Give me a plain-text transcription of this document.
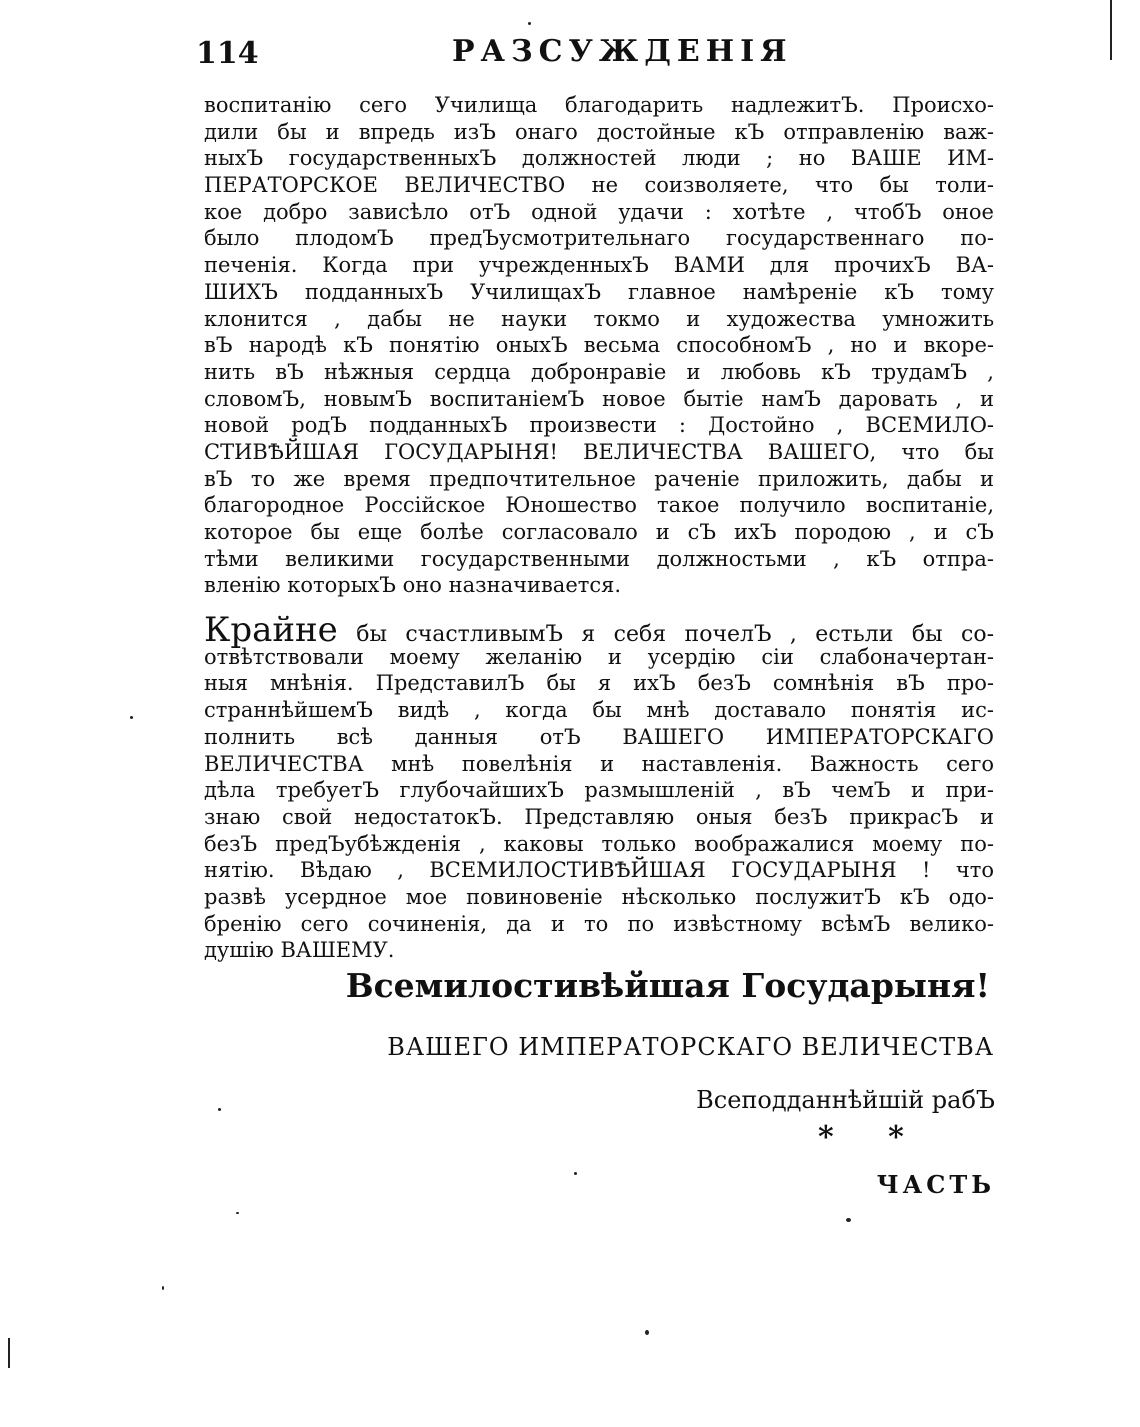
114	РАЗСУЖДЕНIЯ
воспитанiю сего Училища благодарить надлежитЪ. Происхо-
дили бы и впредь изЪ онаго достойные кЪ отправленiю важ-
ныхЪ государственныхЪ должностей люди ; но ВАШЕ ИМ-
ПЕРАТОРСКОЕ ВЕЛИЧЕСТВО не соизволяете, что бы толи-
кое добро зависѣло отЪ одной удачи : хотѣте , чтобЪ оное
было плодомЪ предЪусмотрительнаго государственнаго по-
печенiя. Когда при учрежденныхЪ ВАМИ для прочихЪ ВА-
ШИХЪ подданныхЪ УчилищахЪ главное намѣренiе кЪ тому
клонится , дабы не науки токмо и художества умножить
вЪ народѣ кЪ понятiю оныхЪ весьма способномЪ , но и вкоре-
нить вЪ нѣжныя сердца добронравiе и любовь кЪ трудамЪ ,
словомЪ, новымЪ воспитанiемЪ новое бытiе намЪ даровать , и
новой родЪ подданныхЪ произвести : Достойно , ВСЕМИЛО-
СТИВѢЙШАЯ ГОСУДАРЫНЯ! ВЕЛИЧЕСТВА ВАШЕГО, что бы
вЪ то же время предпочтительное раченiе приложить, дабы и
благородное Россiйское Юношество такое получило воспитанiе,
которое бы еще болѣе согласовало и сЪ ихЪ породою , и сЪ
тѣми великими государственными должностьми , кЪ отпра-
вленiю которыхЪ оно назначивается.
Крайне бы счастливымЪ я себя почелЪ , естьли бы со-
отвѣтствовали моему желанiю и усердiю сiи слабоначертан-
ныя мнѣнiя. ПредставилЪ бы я ихЪ безЪ сомнѣнiя вЪ про-
страннѣйшемЪ видѣ , когда бы мнѣ доставало понятiя ис-
полнить всѣ данныя отЪ ВАШЕГО ИМПЕРАТОРСКАГО
ВЕЛИЧЕСТВА мнѣ повелѣнiя и наставленiя. Важность сего
дѣла требуетЪ глубочайшихЪ размышленiй , вЪ чемЪ и при-
знаю свой недостатокЪ. Представляю оныя безЪ прикрасЪ и
безЪ предЪубѣжденiя , каковы только воображалися моему по-
нятiю. Вѣдаю , ВСЕМИЛОСТИВѢЙШАЯ ГОСУДАРЫНЯ ! что
развѣ усердное мое повиновенiе нѣсколько послужитЪ кЪ одо-
бренiю сего сочиненiя, да и то по извѣстному всѣмЪ велико-
душiю ВАШЕМУ.
Всемилостивѣйшая Государыня!
ВАШЕГО ИМПЕРАТОРСКАГО ВЕЛИЧЕСТВА
Всеподданнѣйшiй рабЪ
* *
ЧАСТЬ
